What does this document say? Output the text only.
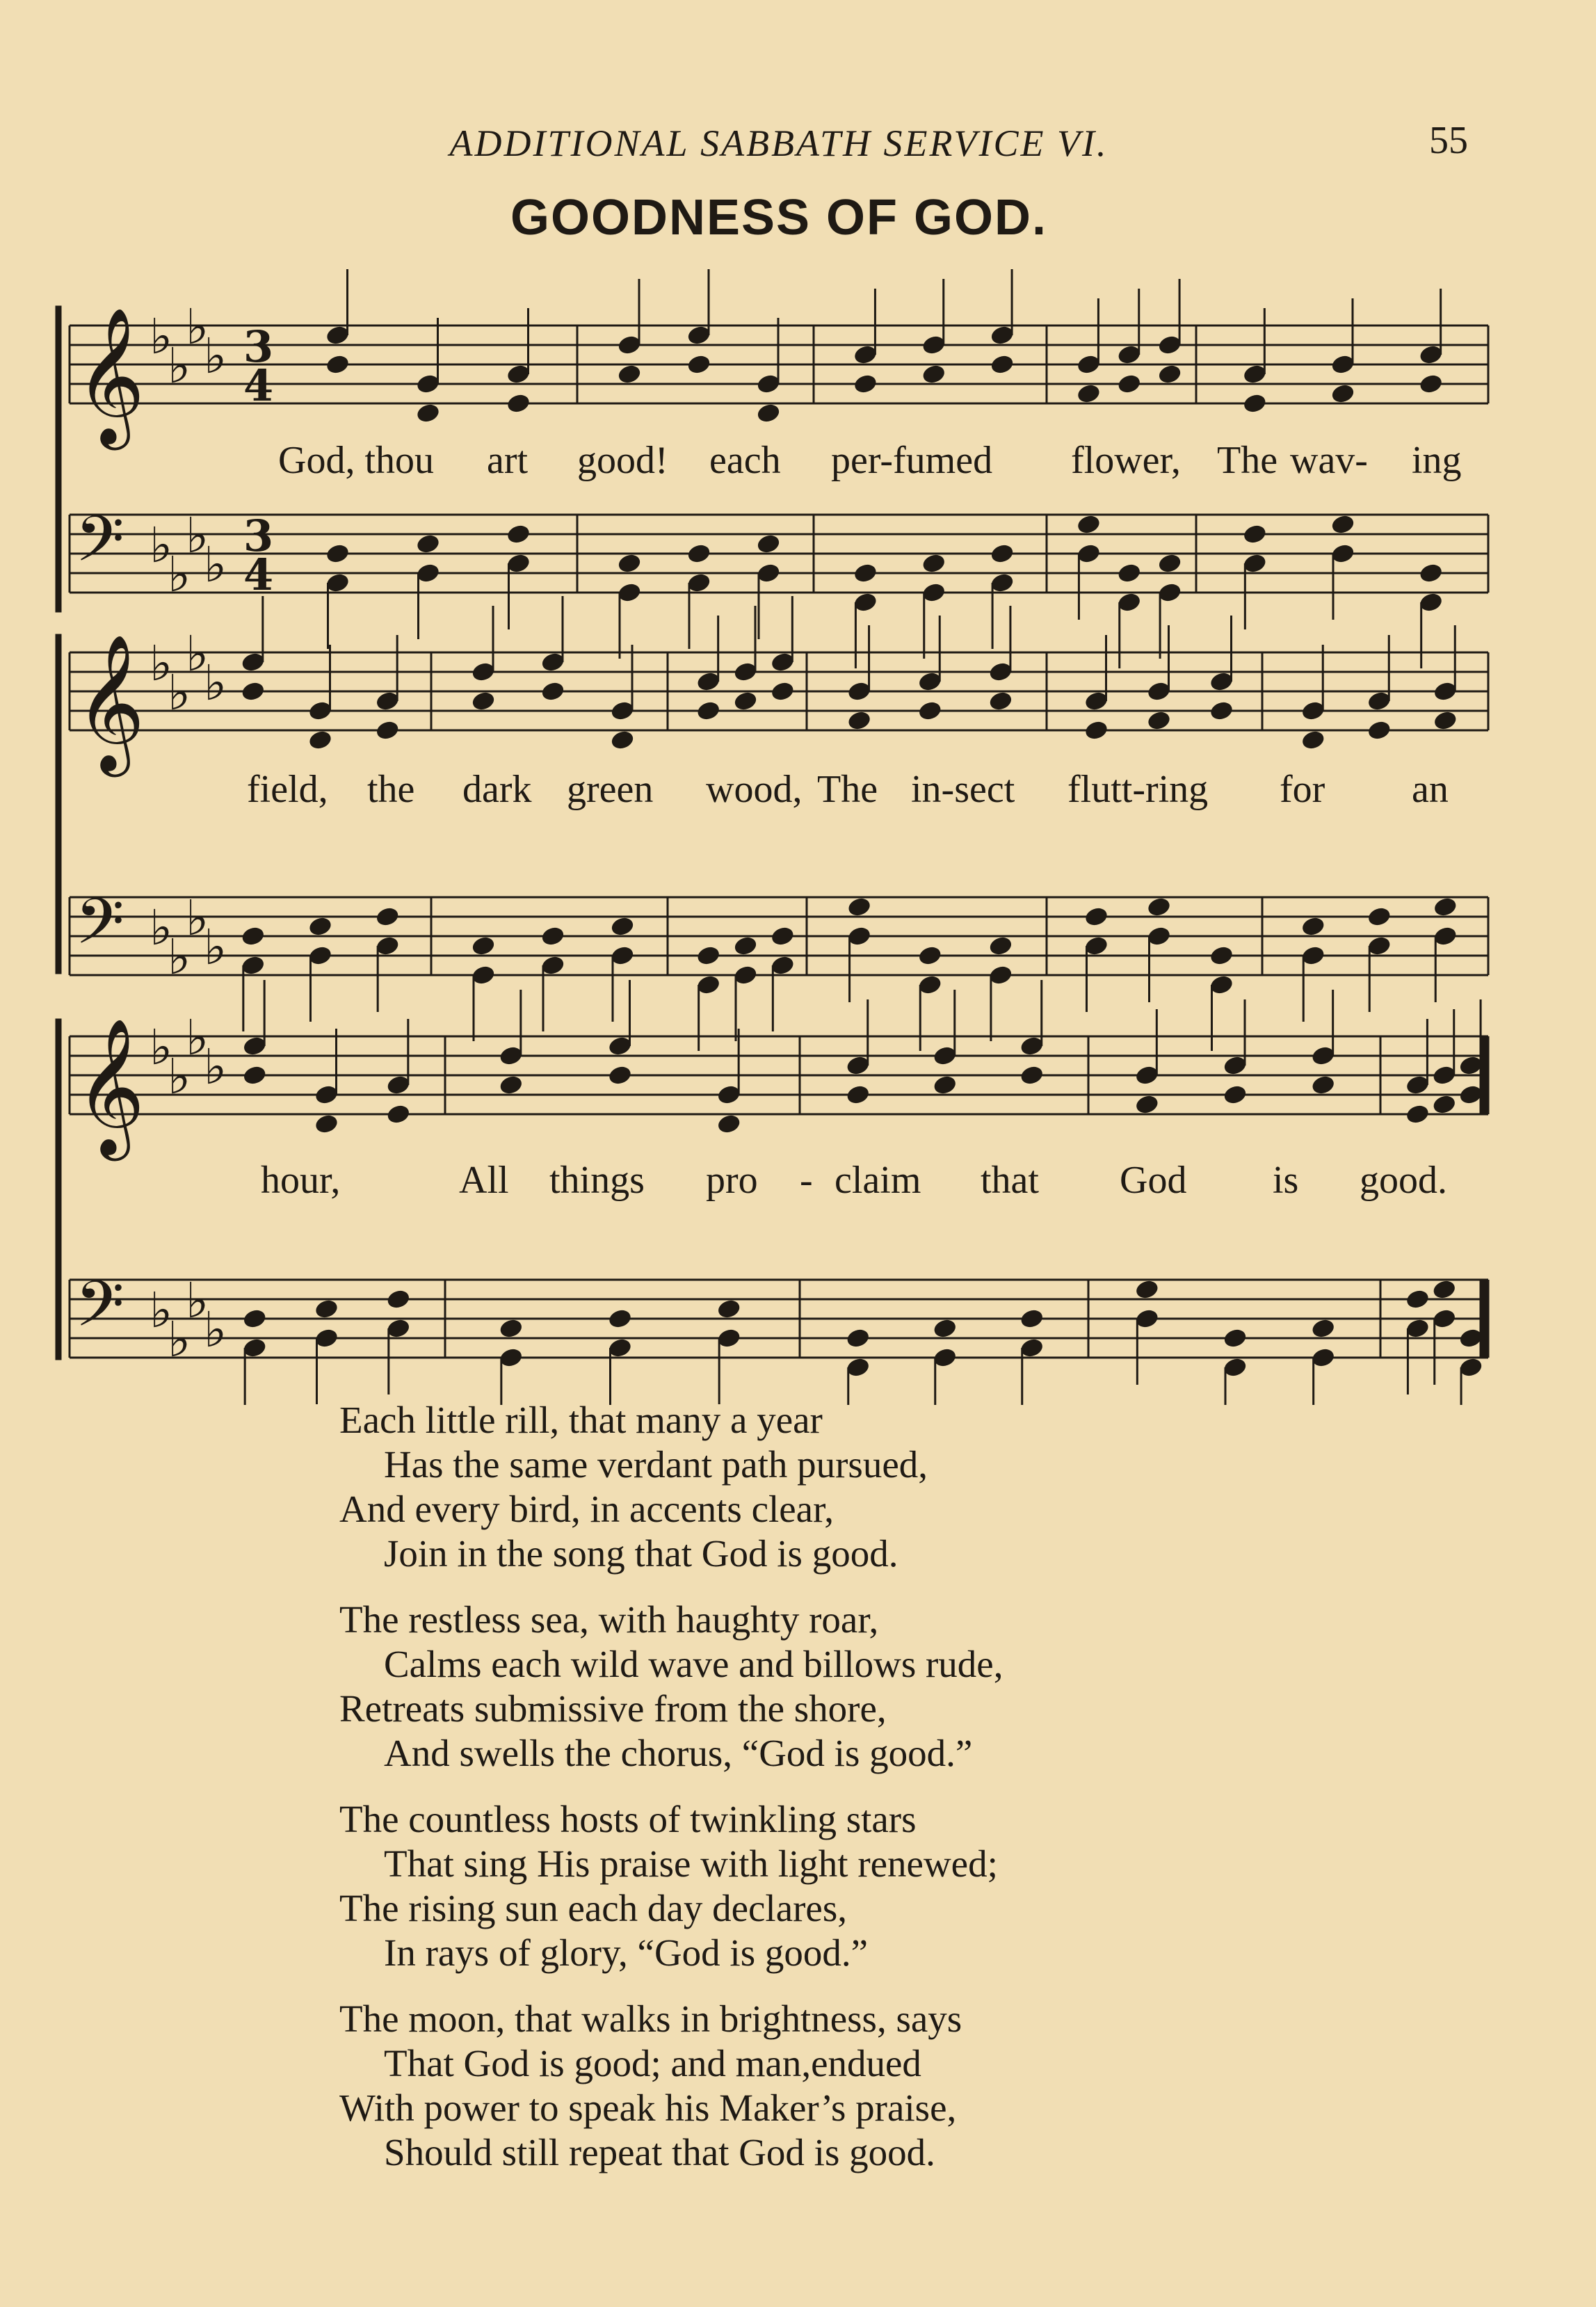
ADDITIONAL SABBATH SERVICE VI.	55
GOODNESS OF GOD.
𝄞 ♭
♭
♭
♭
𝄢 ♭
♭
♭
♭
𝄞 ♭
♭
♭
♭
𝄢 ♭
♭
♭
♭
𝄞 ♭
♭
♭
♭
𝄢 ♭
♭
♭
♭
3
4
3
4
God, thou art good! each per-fumed flower, The wav- ing
field, the dark green wood, The in-sect flutt-ring for an
hour,	All things pro - claim that God is good.
Each little rill, that many a year
Has the same verdant path pursued,
And every bird, in accents clear,
Join in the song that God is good.
The restless sea, with haughty roar,
Calms each wild wave and billows rude,
Retreats submissive from the shore,
And swells the chorus, “God is good.”
The countless hosts of twinkling stars
That sing His praise with light renewed;
The rising sun each day declares,
In rays of glory, “God is good.”
The moon, that walks in brightness, says
That God is good; and man,endued
With power to speak his Maker’s praise,
Should still repeat that God is good.
